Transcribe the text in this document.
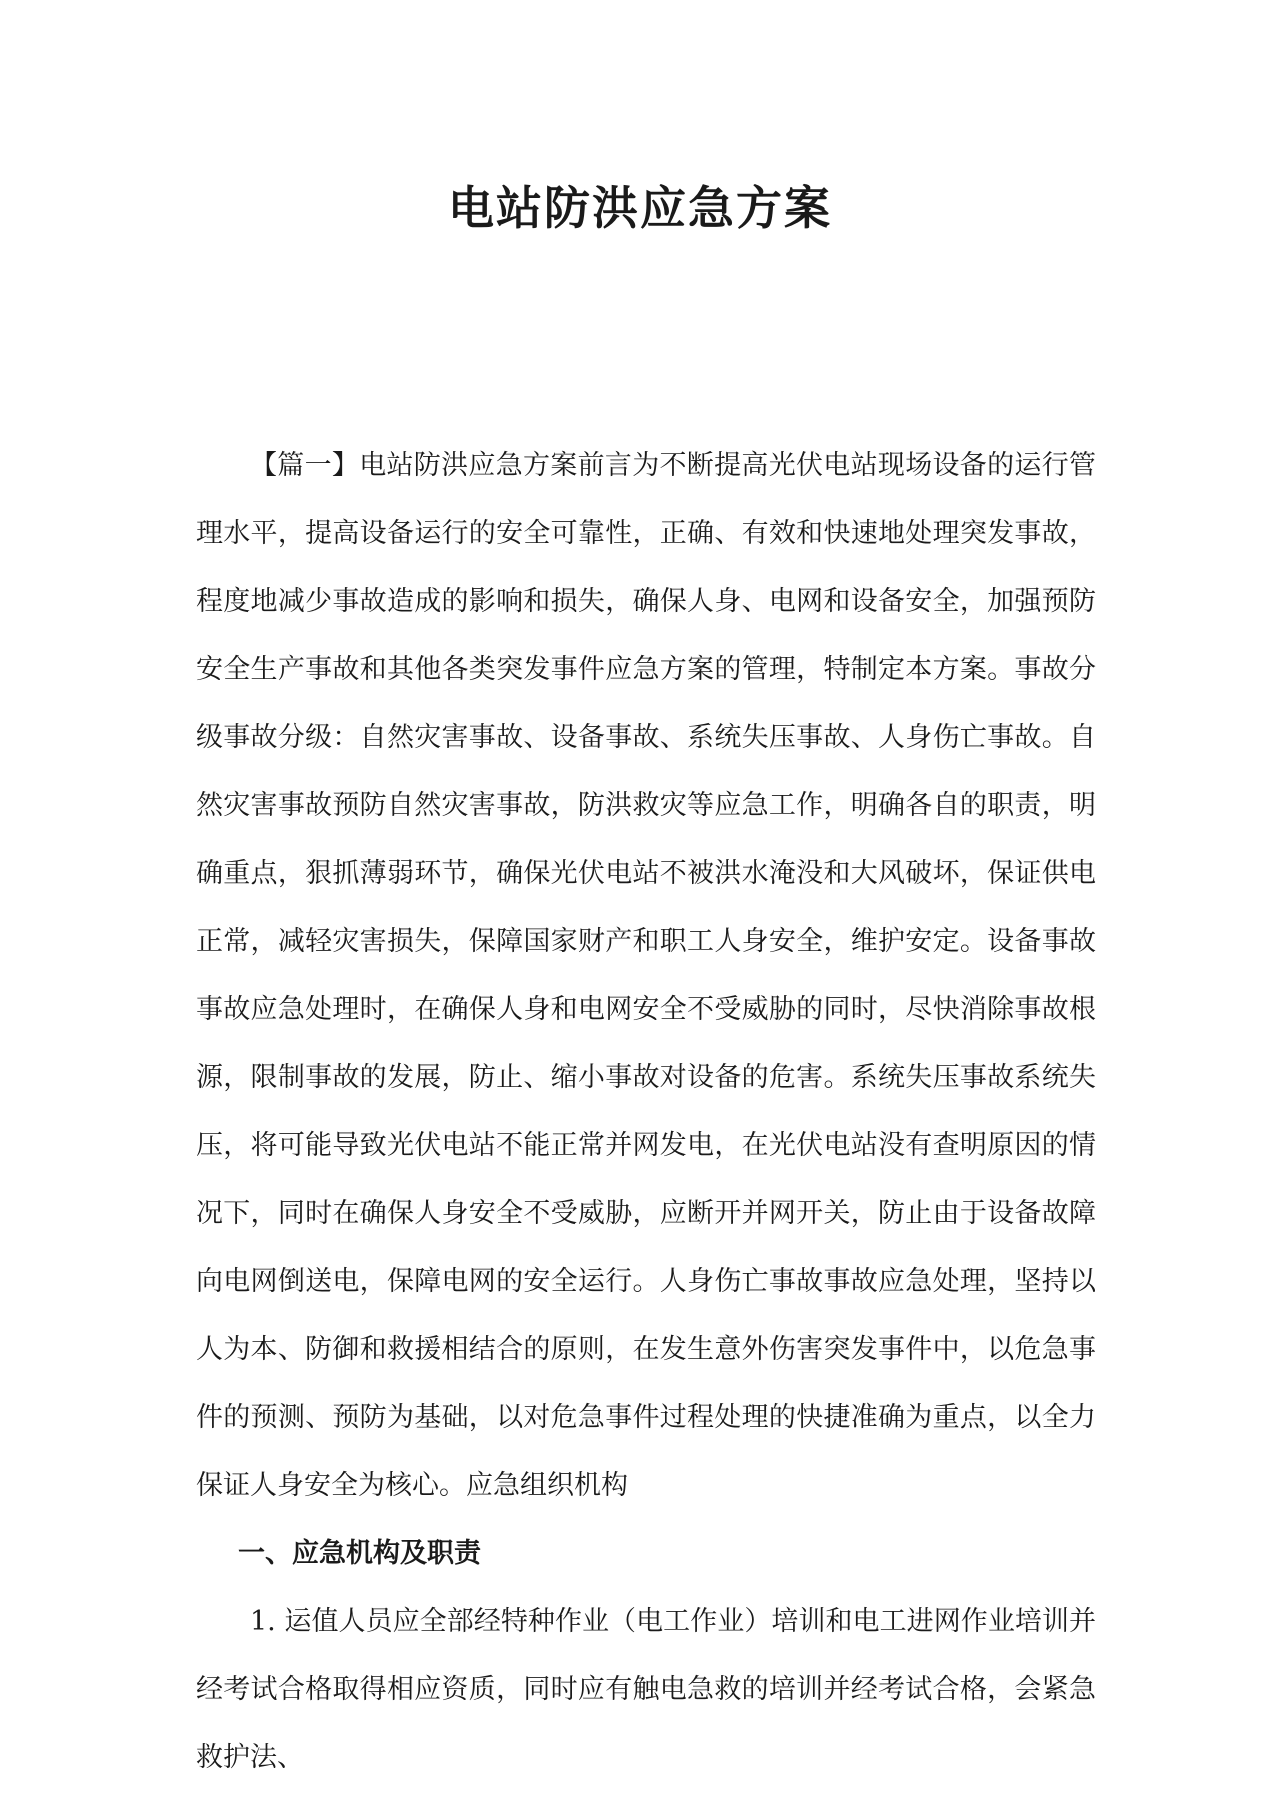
电站防洪应急方案

【篇一】电站防洪应急方案前言为不断提高光伏电站现场设备的运行管理水平，提高设备运行的安全可靠性，正确、有效和快速地处理突发事故，程度地减少事故造成的影响和损失，确保人身、电网和设备安全，加强预防安全生产事故和其他各类突发事件应急方案的管理，特制定本方案。事故分级事故分级：自然灾害事故、设备事故、系统失压事故、人身伤亡事故。自然灾害事故预防自然灾害事故，防洪救灾等应急工作，明确各自的职责，明确重点，狠抓薄弱环节，确保光伏电站不被洪水淹没和大风破坏，保证供电正常，减轻灾害损失，保障国家财产和职工人身安全，维护安定。设备事故事故应急处理时，在确保人身和电网安全不受威胁的同时，尽快消除事故根源，限制事故的发展，防止、缩小事故对设备的危害。系统失压事故系统失压，将可能导致光伏电站不能正常并网发电，在光伏电站没有查明原因的情况下，同时在确保人身安全不受威胁，应断开并网开关，防止由于设备故障向电网倒送电，保障电网的安全运行。人身伤亡事故事故应急处理，坚持以人为本、防御和救援相结合的原则，在发生意外伤害突发事件中，以危急事件的预测、预防为基础，以对危急事件过程处理的快捷准确为重点，以全力保证人身安全为核心。应急组织机构

一、应急机构及职责

1. 运值人员应全部经特种作业（电工作业）培训和电工进网作业培训并经考试合格取得相应资质，同时应有触电急救的培训并经考试合格，会紧急救护法、
